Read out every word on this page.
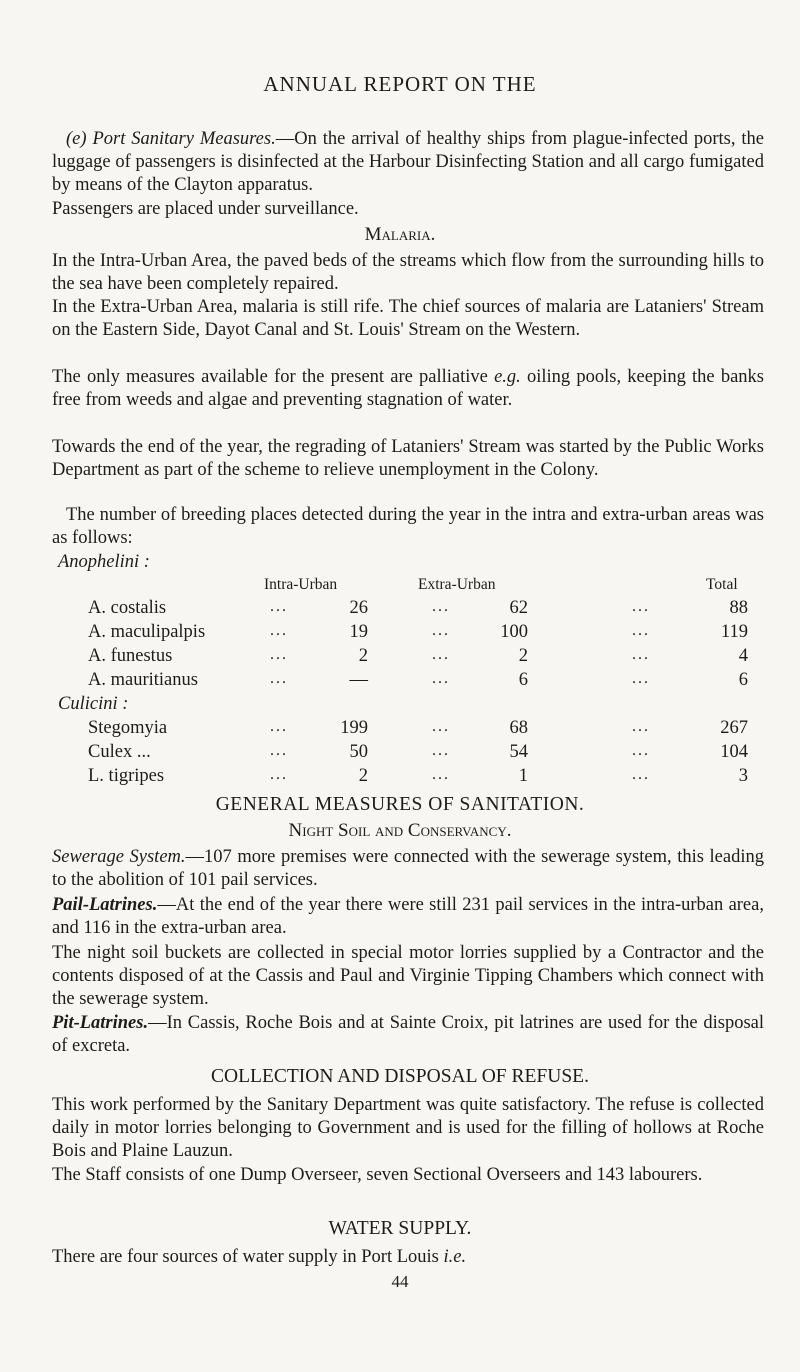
ANNUAL REPORT ON THE

(e) Port Sanitary Measures.—On the arrival of healthy ships from plague-infected ports, the luggage of passengers is disinfected at the Harbour Disinfecting Station and all cargo fumigated by means of the Clayton apparatus.

Passengers are placed under surveillance.

Malaria.

In the Intra-Urban Area, the paved beds of the streams which flow from the surrounding hills to the sea have been completely repaired.

In the Extra-Urban Area, malaria is still rife. The chief sources of malaria are Lataniers' Stream on the Eastern Side, Dayot Canal and St. Louis' Stream on the Western.

The only measures available for the present are palliative e.g. oiling pools, keeping the banks free from weeds and algae and preventing stagnation of water.

Towards the end of the year, the regrading of Lataniers' Stream was started by the Public Works Department as part of the scheme to relieve unemployment in the Colony.

The number of breeding places detected during the year in the intra and extra-urban areas was as follows:

Anophelini :
Intra-Urban	Extra-Urban	Total
A. costalis	26	62	88
A. maculipalpis	19	100	119
A. funestus	2	2	4
A. mauritianus	—	6	6
Culicini :
Stegomyia	199	68	267
Culex ...	50	54	104
L. tigripes	2	1	3
...	...	...
...	...	...
...	...	...
...	...	...
...	...	...
...	...	...
...	...	...
GENERAL MEASURES OF SANITATION.
Night Soil and Conservancy.

Sewerage System.—107 more premises were connected with the sewerage system, this leading to the abolition of 101 pail services.

Pail-Latrines.—At the end of the year there were still 231 pail services in the intra-urban area, and 116 in the extra-urban area.

The night soil buckets are collected in special motor lorries supplied by a Contractor and the contents disposed of at the Cassis and Paul and Virginie Tipping Chambers which connect with the sewerage system.

Pit-Latrines.—In Cassis, Roche Bois and at Sainte Croix, pit latrines are used for the disposal of excreta.

COLLECTION AND DISPOSAL OF REFUSE.

This work performed by the Sanitary Department was quite satisfactory. The refuse is collected daily in motor lorries belonging to Government and is used for the filling of hollows at Roche Bois and Plaine Lauzun.

The Staff consists of one Dump Overseer, seven Sectional Overseers and 143 labourers.

WATER SUPPLY.

There are four sources of water supply in Port Louis i.e.

44
